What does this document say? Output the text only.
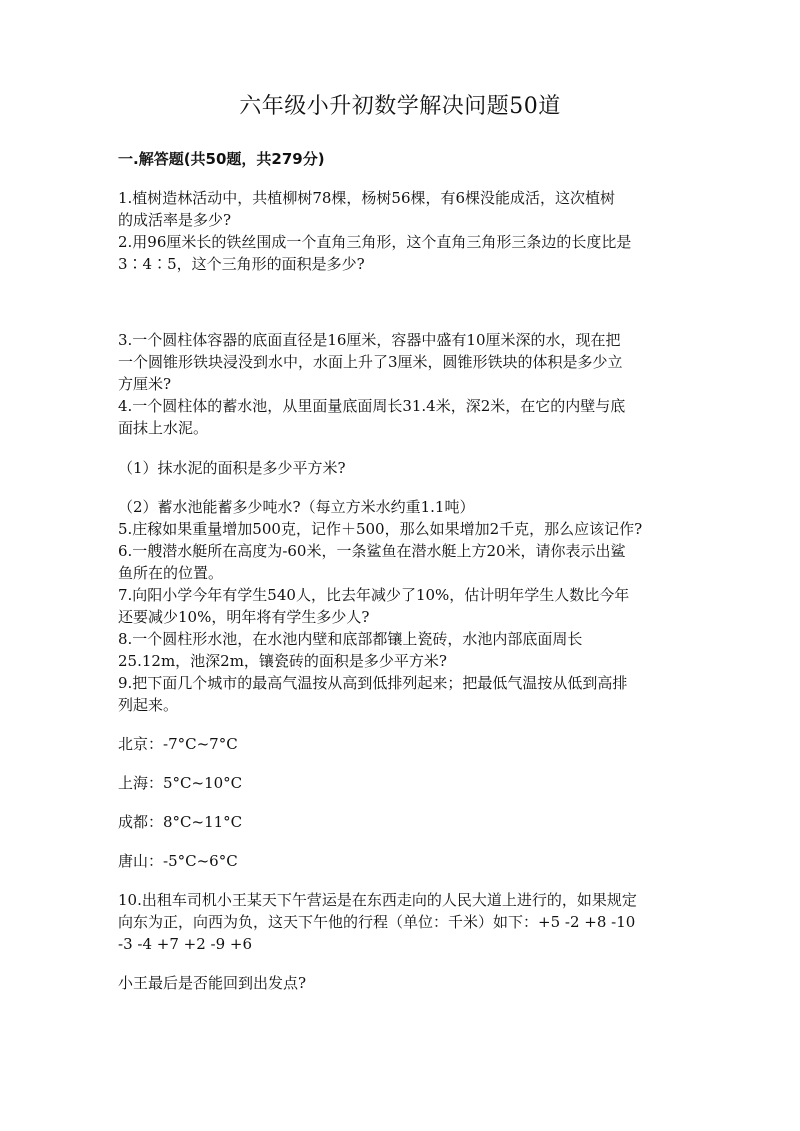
六年级小升初数学解决问题50道
一.解答题(共50题，共279分)
1.植树造林活动中，共植柳树78棵，杨树56棵，有6棵没能成活，这次植树
的成活率是多少?
2.用96厘米长的铁丝围成一个直角三角形，这个直角三角形三条边的长度比是
3∶4∶5，这个三角形的面积是多少?
3.一个圆柱体容器的底面直径是16厘米，容器中盛有10厘米深的水，现在把
一个圆锥形铁块浸没到水中，水面上升了3厘米，圆锥形铁块的体积是多少立
方厘米?
4.一个圆柱体的蓄水池，从里面量底面周长31.4米，深2米，在它的内壁与底
面抹上水泥。
（1）抹水泥的面积是多少平方米?
（2）蓄水池能蓄多少吨水?（每立方米水约重1.1吨）
5.庄稼如果重量增加500克，记作＋500，那么如果增加2千克，那么应该记作?
6.一艘潜水艇所在高度为-60米，一条鲨鱼在潜水艇上方20米，请你表示出鲨
鱼所在的位置。
7.向阳小学今年有学生540人，比去年减少了10%，估计明年学生人数比今年
还要减少10%，明年将有学生多少人?
8.一个圆柱形水池，在水池内壁和底部都镶上瓷砖，水池内部底面周长
25.12m，池深2m，镶瓷砖的面积是多少平方米?
9.把下面几个城市的最高气温按从高到低排列起来；把最低气温按从低到高排
列起来。
北京：-7°C~7°C
上海：5°C~10°C
成都：8°C~11°C
唐山：-5°C~6°C
10.出租车司机小王某天下午营运是在东西走向的人民大道上进行的，如果规定
向东为正，向西为负，这天下午他的行程（单位：千米）如下：+5 -2 +8 -10
-3 -4 +7 +2 -9 +6
小王最后是否能回到出发点?
